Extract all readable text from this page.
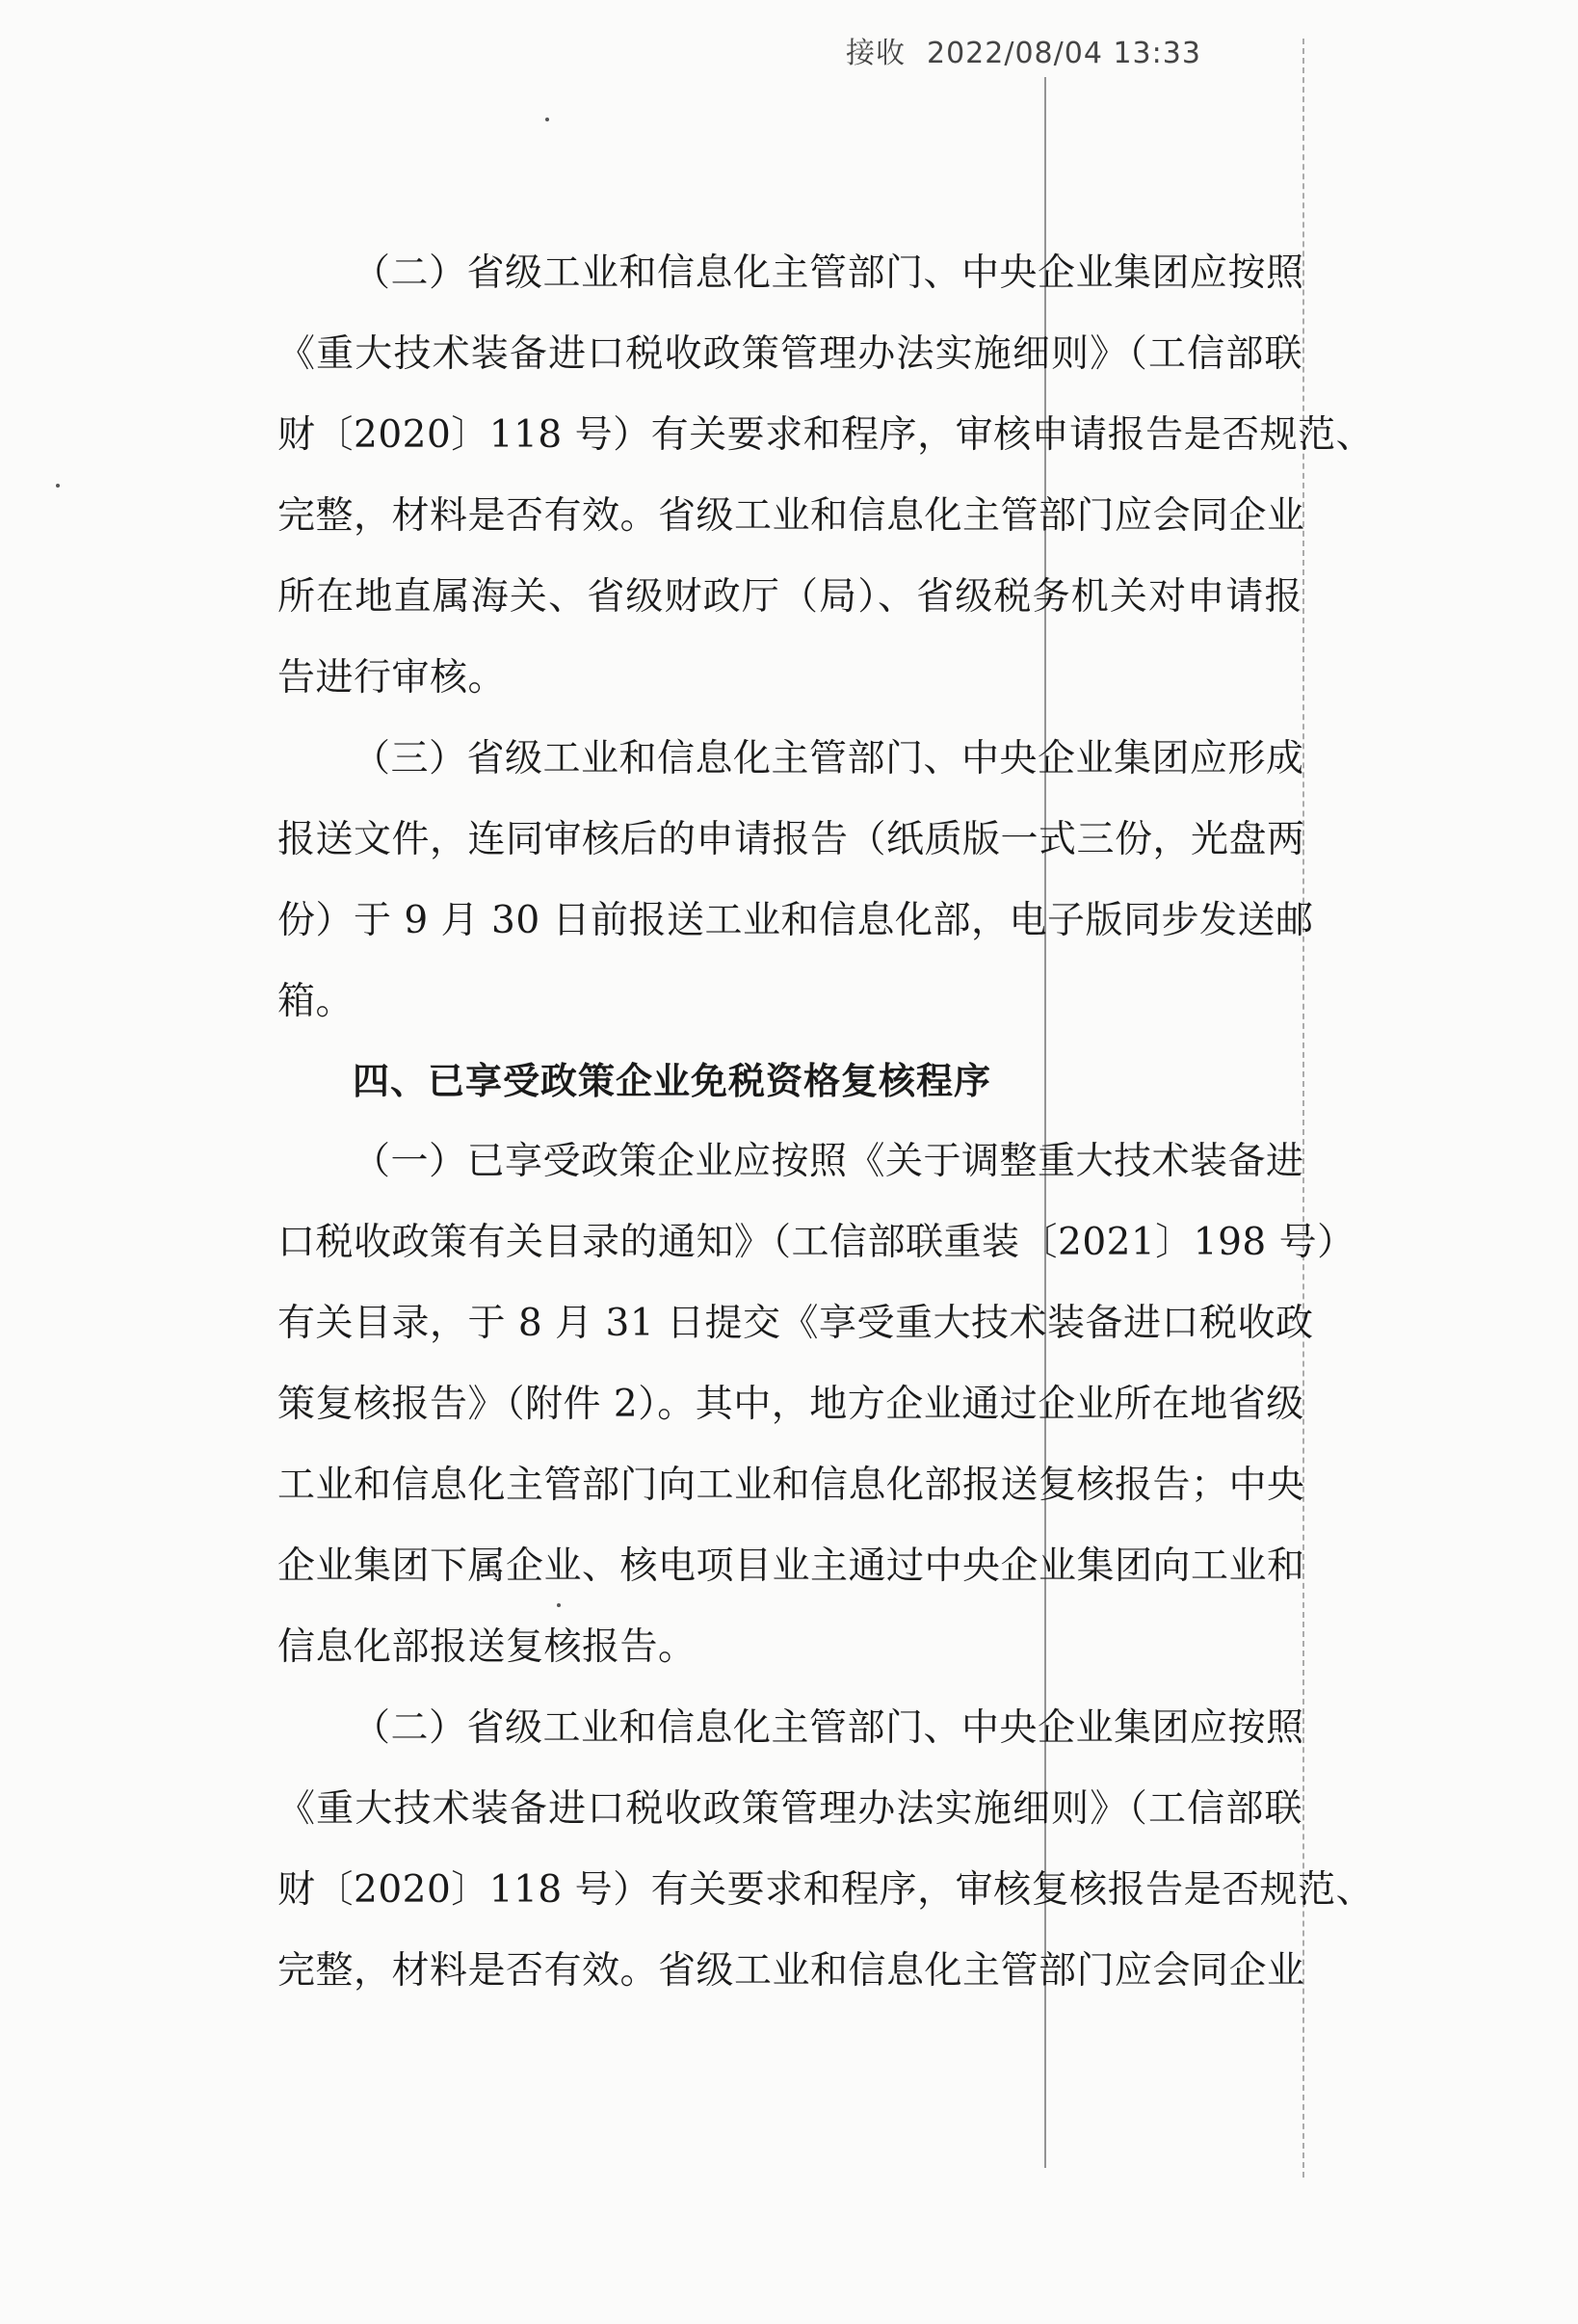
接收 2022/08/04 13:33
（二）省级工业和信息化主管部门、中央企业集团应按照
《重大技术装备进口税收政策管理办法实施细则》（工信部联
财〔2020〕118 号）有关要求和程序，审核申请报告是否规范、
完整，材料是否有效。省级工业和信息化主管部门应会同企业
所在地直属海关、省级财政厅（局）、省级税务机关对申请报
告进行审核。
（三）省级工业和信息化主管部门、中央企业集团应形成
报送文件，连同审核后的申请报告（纸质版一式三份，光盘两
份）于 9 月 30 日前报送工业和信息化部，电子版同步发送邮
箱。
四、已享受政策企业免税资格复核程序
（一）已享受政策企业应按照《关于调整重大技术装备进
口税收政策有关目录的通知》（工信部联重装〔2021〕198 号）
有关目录，于 8 月 31 日提交《享受重大技术装备进口税收政
策复核报告》（附件 2）。其中，地方企业通过企业所在地省级
工业和信息化主管部门向工业和信息化部报送复核报告；中央
企业集团下属企业、核电项目业主通过中央企业集团向工业和
信息化部报送复核报告。
（二）省级工业和信息化主管部门、中央企业集团应按照
《重大技术装备进口税收政策管理办法实施细则》（工信部联
财〔2020〕118 号）有关要求和程序，审核复核报告是否规范、
完整，材料是否有效。省级工业和信息化主管部门应会同企业
